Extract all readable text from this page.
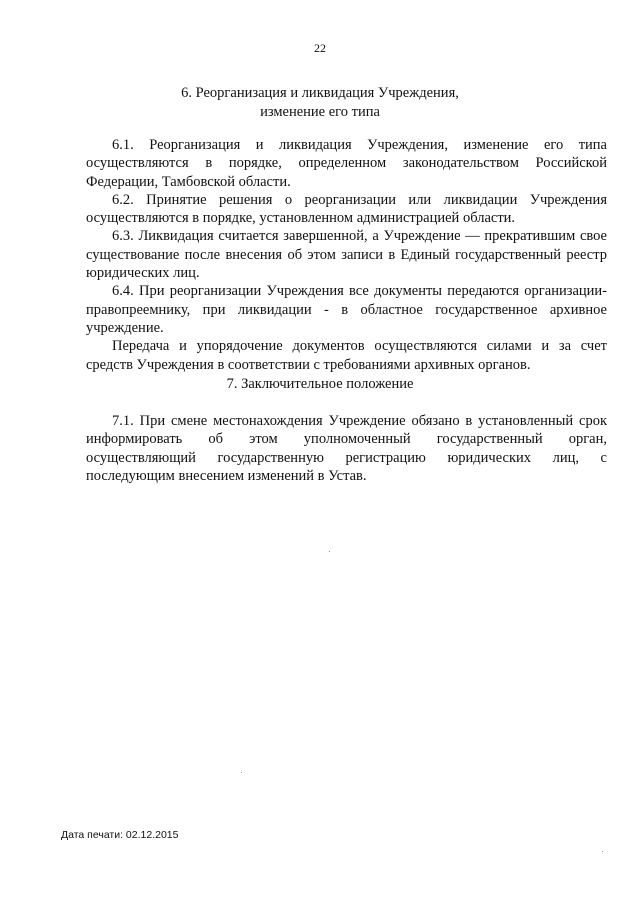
22
6. Реорганизация и ликвидация Учреждения,
изменение его типа

6.1. Реорганизация и ликвидация Учреждения, изменение его типа осуществляются в порядке, определенном законодательством Российской Федерации, Тамбовской области.

6.2. Принятие решения о реорганизации или ликвидации Учреждения осуществляются в порядке, установленном администрацией области.

6.3. Ликвидация считается завершенной, а Учреждение — прекратившим свое существование после внесения об этом записи в Единый государственный реестр юридических лиц.

6.4. При реорганизации Учреждения все документы передаются организации-правопреемнику, при ликвидации - в областное государственное архивное учреждение.

Передача и упорядочение документов осуществляются силами и за счет средств Учреждения в соответствии с требованиями архивных органов.

7. Заключительное положение

7.1. При смене местонахождения Учреждение обязано в установленный срок информировать об этом уполномоченный государственный орган, осуществляющий государственную регистрацию юридических лиц, с последующим внесением изменений в Устав.

Дата печати: 02.12.2015
